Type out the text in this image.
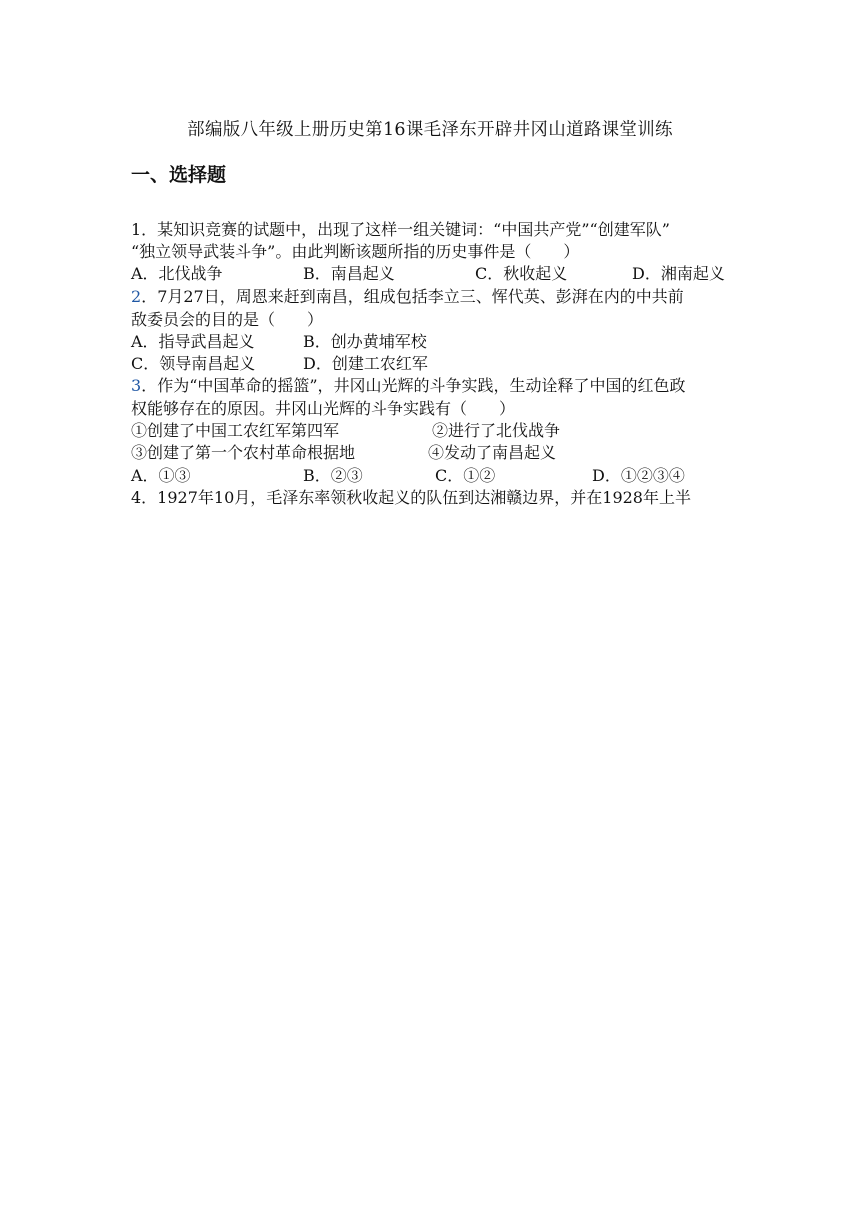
部编版八年级上册历史第16课毛泽东开辟井冈山道路课堂训练
一、选择题
1．某知识竞赛的试题中，出现了这样一组关键词：“中国共产党”“创建军队”
“独立领导武装斗争”。由此判断该题所指的历史事件是（　　）
A．北伐战争	B．南昌起义	C．秋收起义	D．湘南起义
2．7月27日，周恩来赶到南昌，组成包括李立三、恽代英、彭湃在内的中共前
敌委员会的目的是（　　）
A．指导武昌起义	B．创办黄埔军校
C．领导南昌起义	D．创建工农红军
3．作为“中国革命的摇篮”，井冈山光辉的斗争实践，生动诠释了中国的红色政
权能够存在的原因。井冈山光辉的斗争实践有（　　）
①创建了中国工农红军第四军	②进行了北伐战争
③创建了第一个农村革命根据地	④发动了南昌起义
A．①③	B．②③	C．①②	D．①②③④
4．1927年10月，毛泽东率领秋收起义的队伍到达湘赣边界，并在1928年上半
